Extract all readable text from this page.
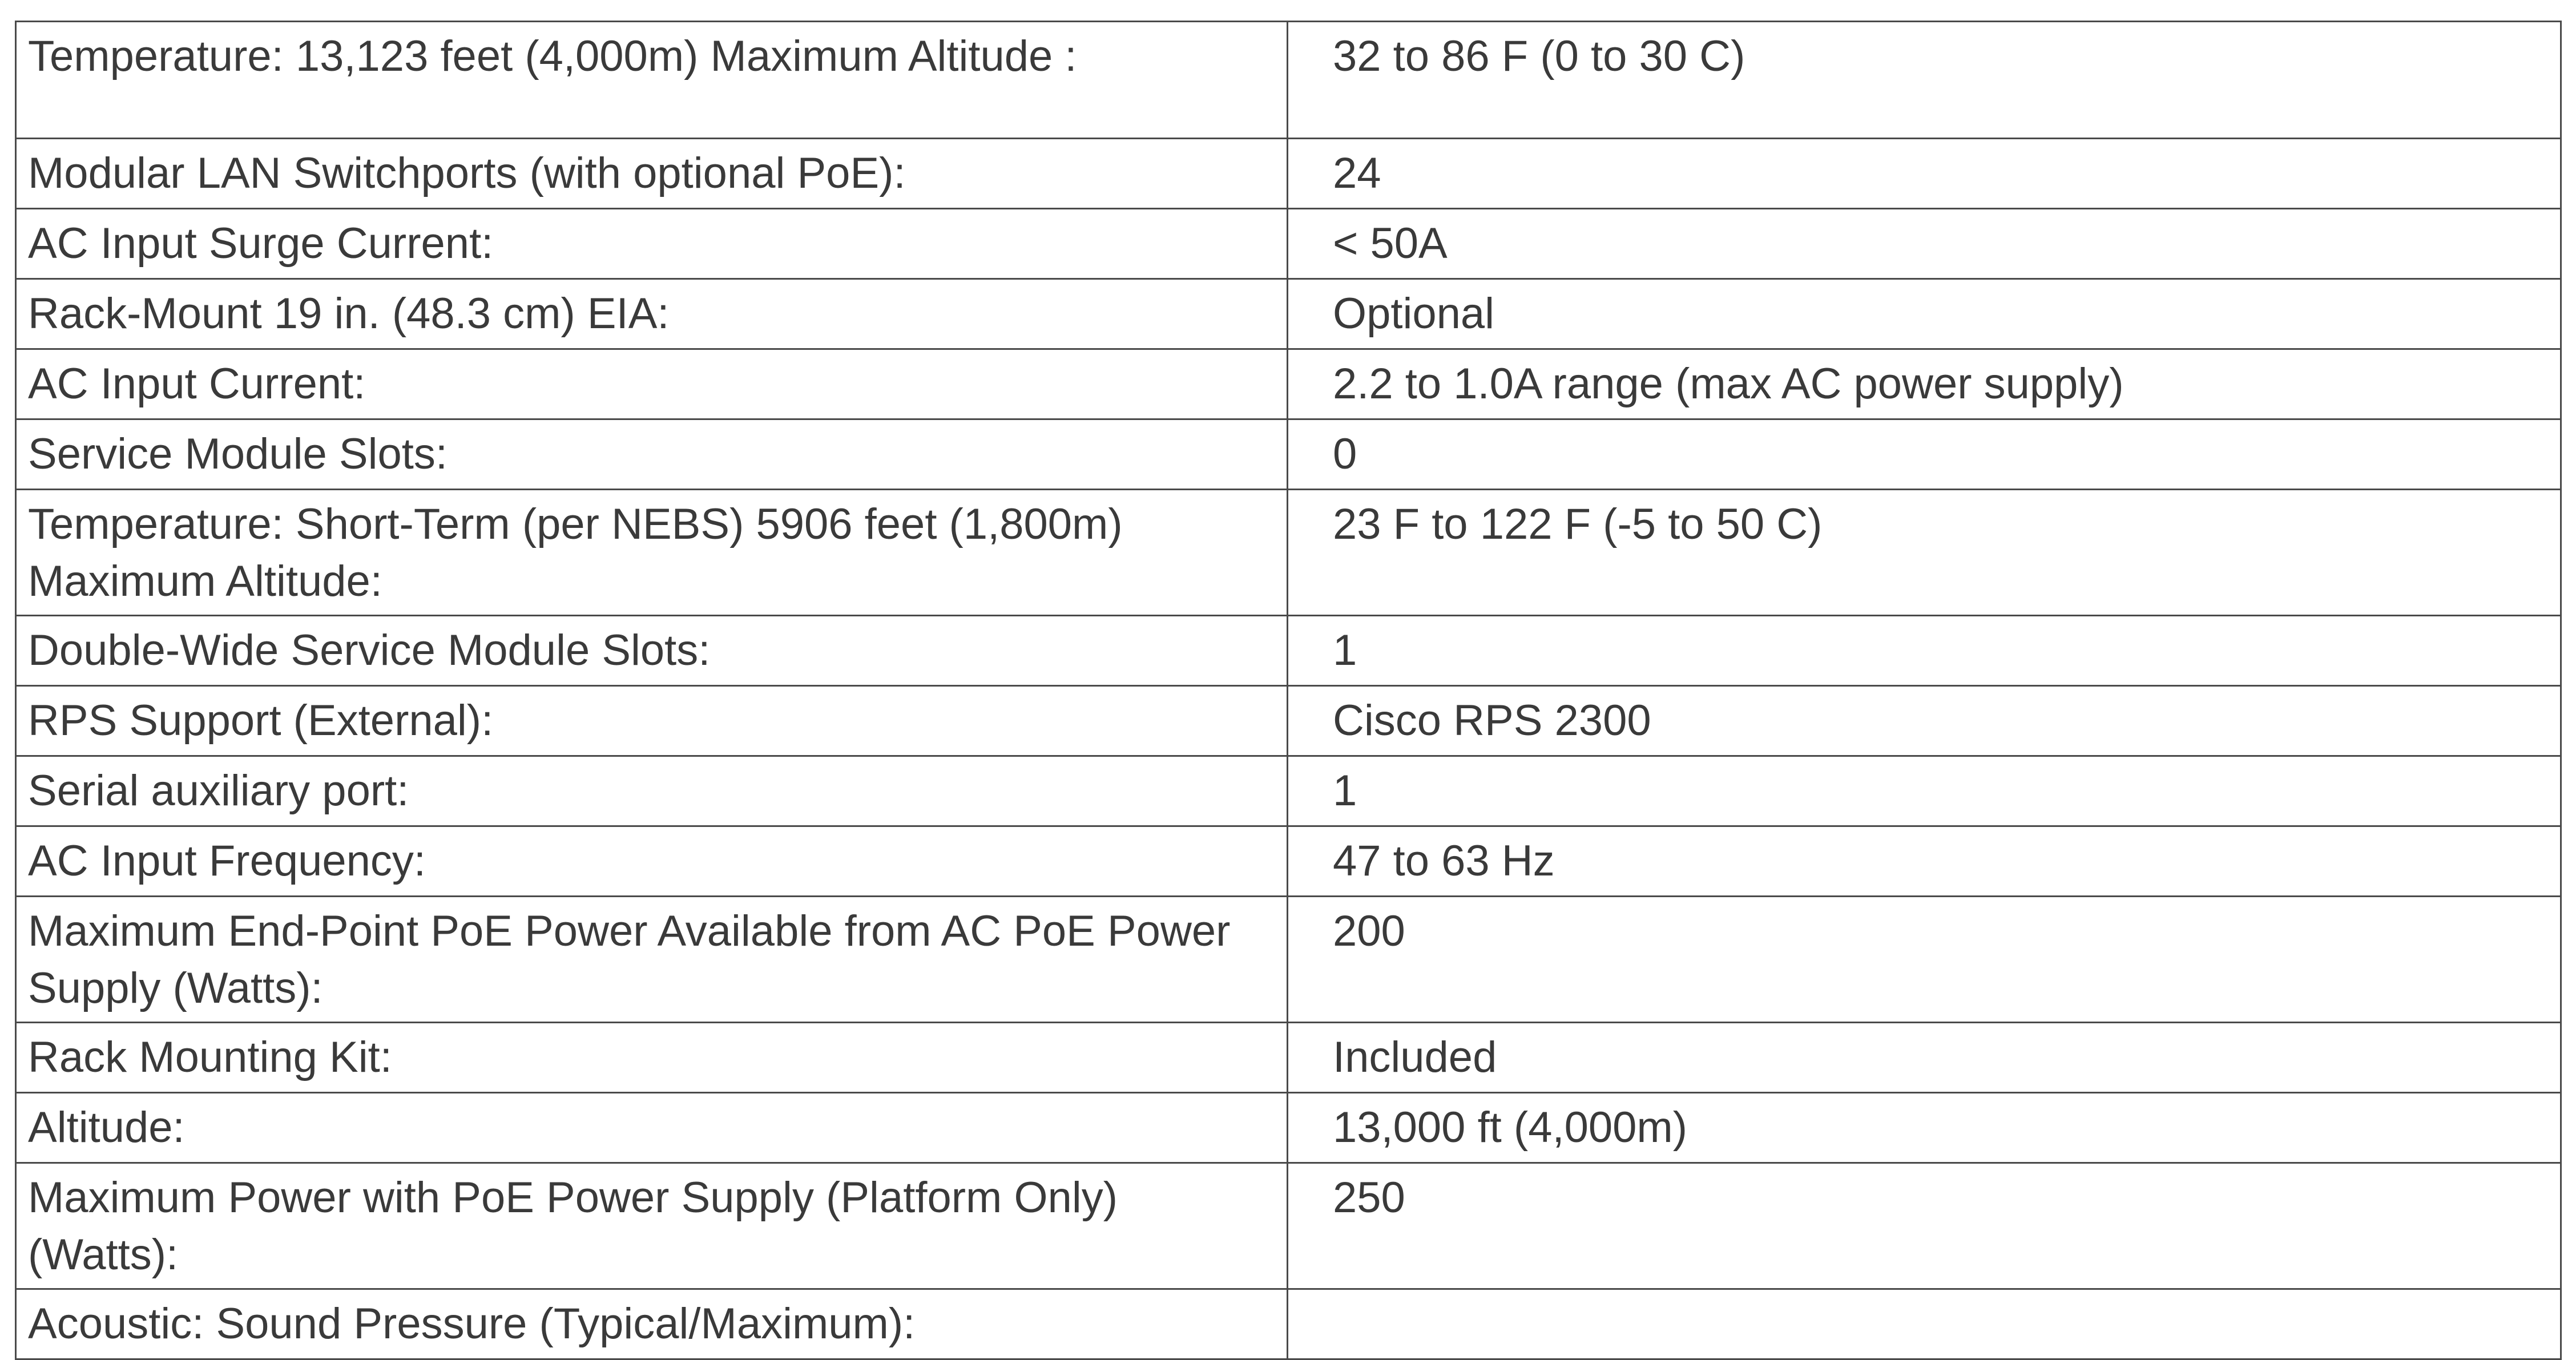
Temperature: 13,123 feet (4,000m) Maximum Altitude :	32 to 86 F (0 to 30 C)
Modular LAN Switchports (with optional PoE):	24
AC Input Surge Current:	< 50A
Rack-Mount 19 in. (48.3 cm) EIA:	Optional
AC Input Current:	2.2 to 1.0A range (max AC power supply)
Service Module Slots:	0
Temperature: Short-Term (per NEBS) 5906 feet (1,800m) Maximum Altitude:	23 F to 122 F (-5 to 50 C)
Double-Wide Service Module Slots:	1
RPS Support (External):	Cisco RPS 2300
Serial auxiliary port:	1
AC Input Frequency:	47 to 63 Hz
Maximum End-Point PoE Power Available from AC PoE Power Supply (Watts):	200
Rack Mounting Kit:	Included
Altitude:	13,000 ft (4,000m)
Maximum Power with PoE Power Supply (Platform Only) (Watts):	250
Acoustic: Sound Pressure (Typical/Maximum):	
